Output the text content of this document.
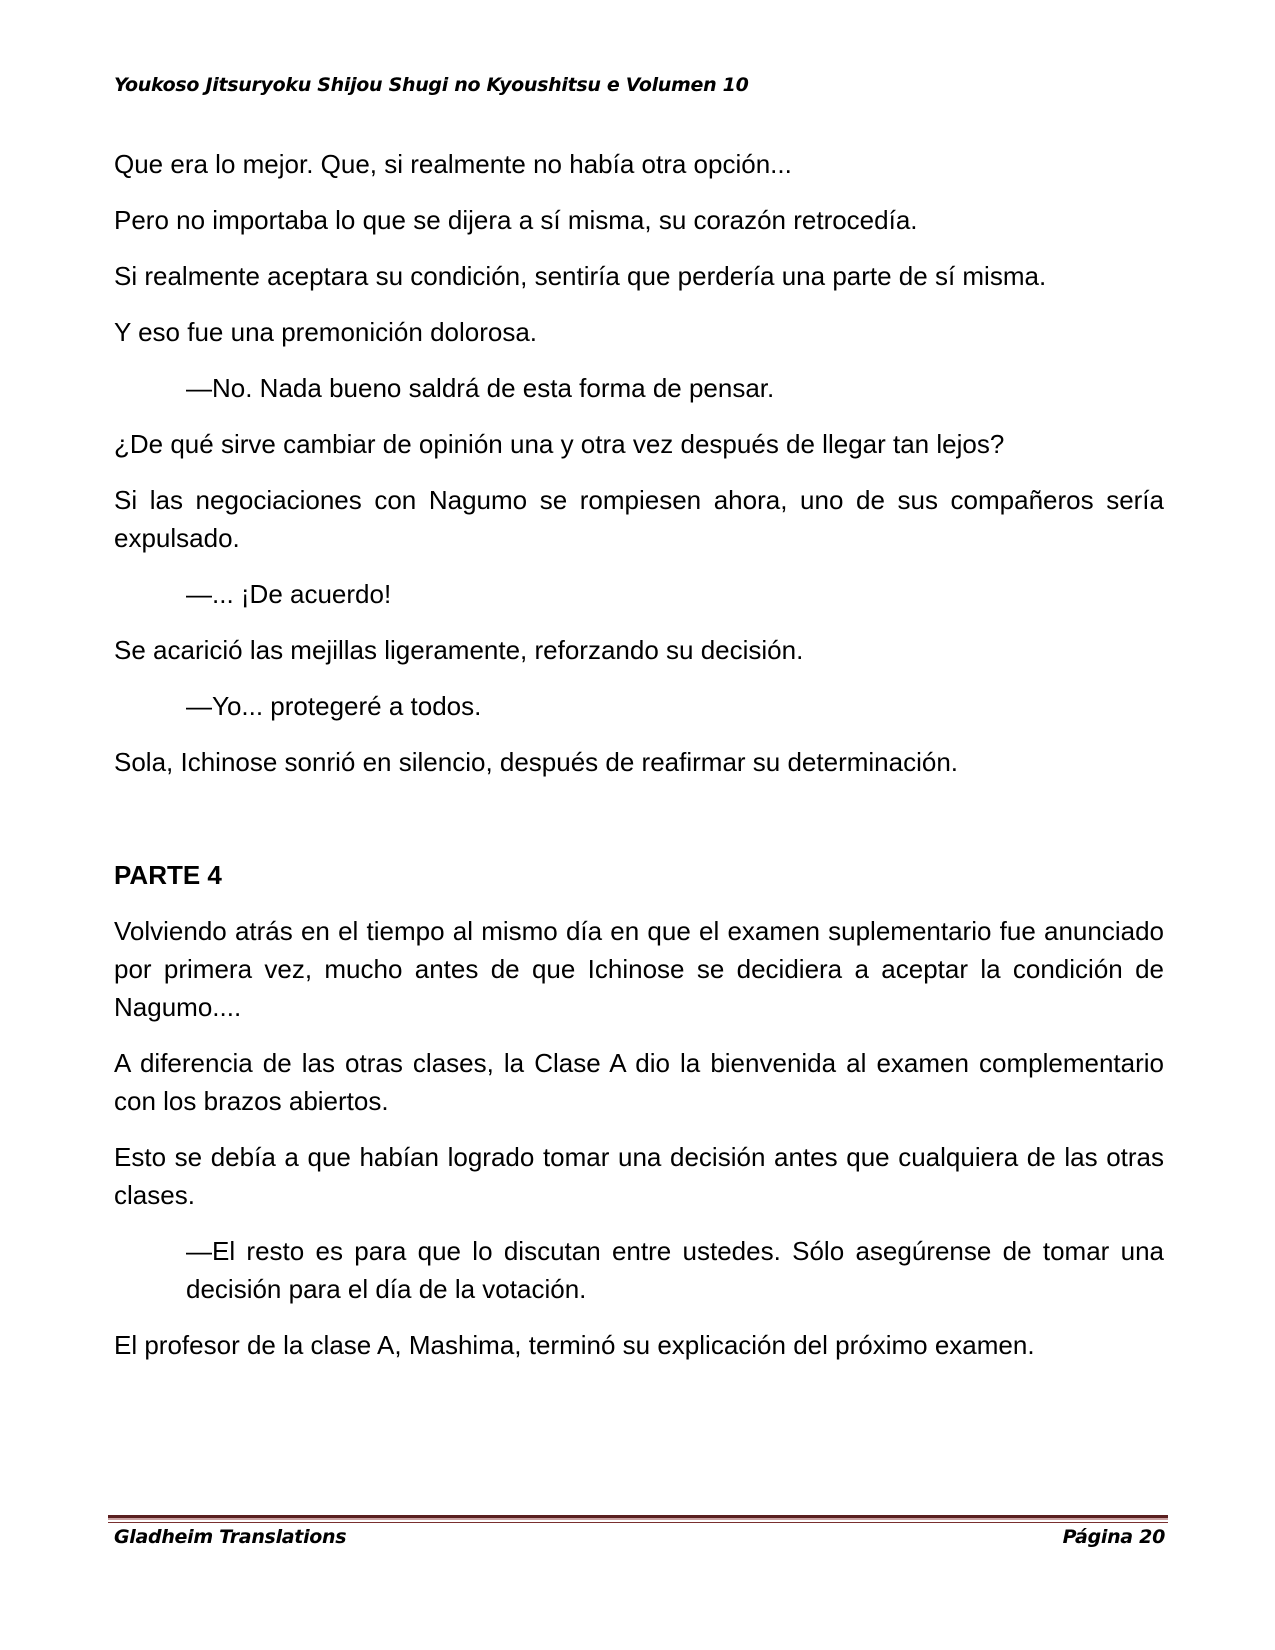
Youkoso Jitsuryoku Shijou Shugi no Kyoushitsu e Volumen 10

Que era lo mejor. Que, si realmente no había otra opción...

Pero no importaba lo que se dijera a sí misma, su corazón retrocedía.

Si realmente aceptara su condición, sentiría que perdería una parte de sí misma.

Y eso fue una premonición dolorosa.

—No. Nada bueno saldrá de esta forma de pensar.

¿De qué sirve cambiar de opinión una y otra vez después de llegar tan lejos?

Si las negociaciones con Nagumo se rompiesen ahora, uno de sus compañeros sería expulsado.

—... ¡De acuerdo!

Se acarició las mejillas ligeramente, reforzando su decisión.

—Yo... protegeré a todos.

Sola, Ichinose sonrió en silencio, después de reafirmar su determinación.

PARTE 4

Volviendo atrás en el tiempo al mismo día en que el examen suplementario fue anunciado por primera vez, mucho antes de que Ichinose se decidiera a aceptar la condición de Nagumo....

A diferencia de las otras clases, la Clase A dio la bienvenida al examen complementario con los brazos abiertos.

Esto se debía a que habían logrado tomar una decisión antes que cualquiera de las otras clases.

—El resto es para que lo discutan entre ustedes. Sólo asegúrense de tomar una decisión para el día de la votación.

El profesor de la clase A, Mashima, terminó su explicación del próximo examen.

Gladheim Translations	Página 20
